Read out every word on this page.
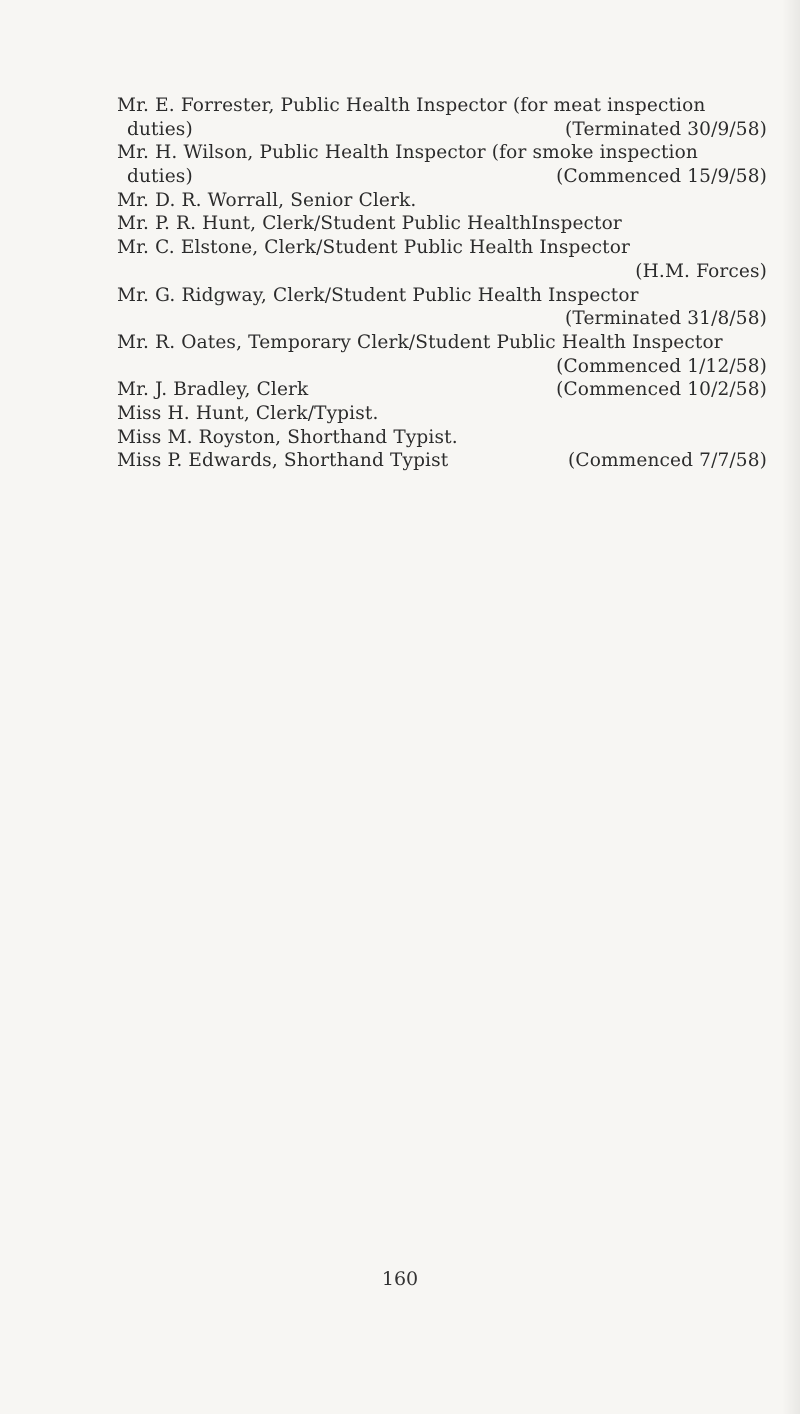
Mr. E. Forrester, Public Health Inspector (for meat inspection
duties)	(Terminated 30/9/58)
Mr. H. Wilson, Public Health Inspector (for smoke inspection
duties)	(Commenced 15/9/58)
Mr. D. R. Worrall, Senior Clerk.
Mr. P. R. Hunt, Clerk/Student Public HealthInspector
Mr. C. Elstone, Clerk/Student Public Health Inspector
(H.M. Forces)
Mr. G. Ridgway, Clerk/Student Public Health Inspector
(Terminated 31/8/58)
Mr. R. Oates, Temporary Clerk/Student Public Health Inspector
(Commenced 1/12/58)
Mr. J. Bradley, Clerk	(Commenced 10/2/58)
Miss H. Hunt, Clerk/Typist.
Miss M. Royston, Shorthand Typist.
Miss P. Edwards, Shorthand Typist	(Commenced 7/7/58)
160
